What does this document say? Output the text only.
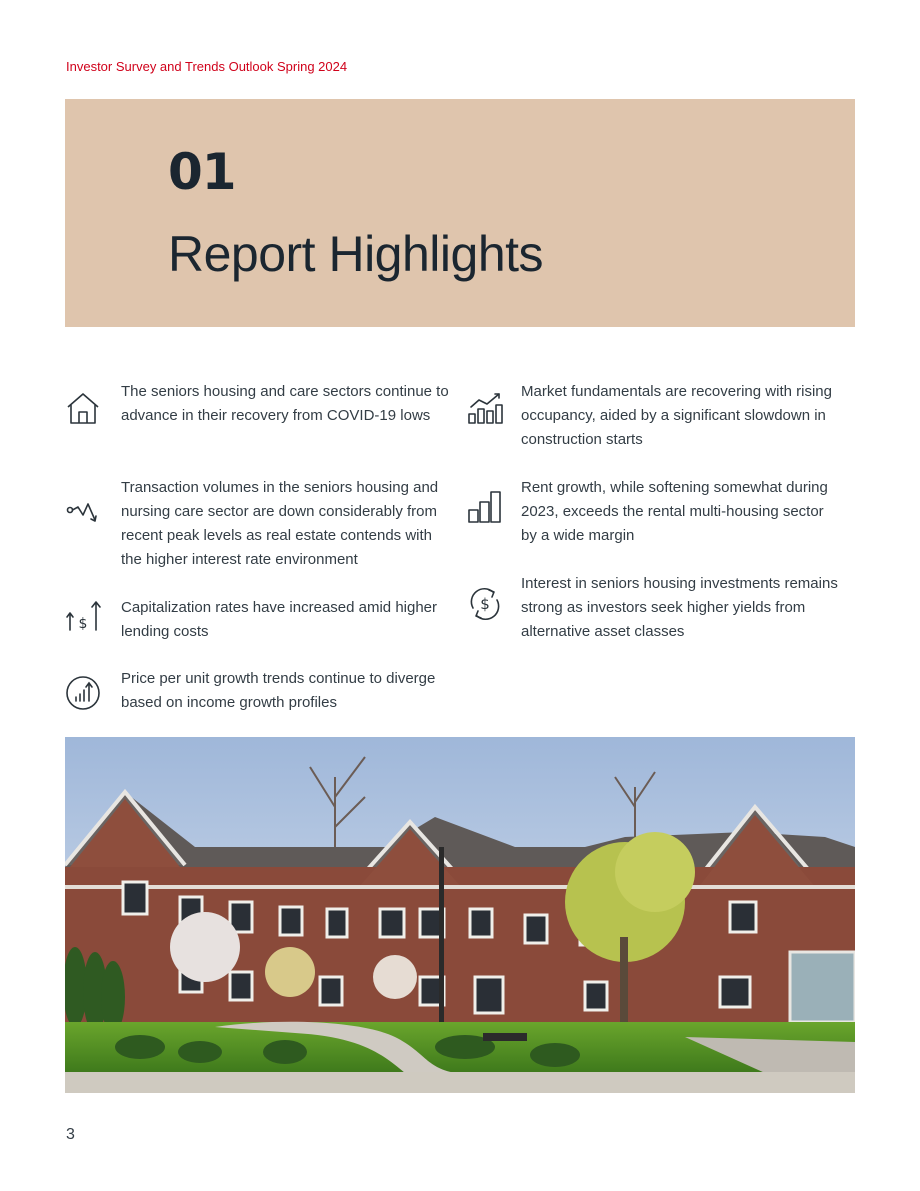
Investor Survey and Trends Outlook Spring 2024
01
Report Highlights
The seniors housing and care sectors continue to advance in their recovery from COVID-19 lows
Transaction volumes in the seniors housing and nursing care sector are down considerably from recent peak levels as real estate contends with the higher interest rate environment
$
Capitalization rates have increased amid higher lending costs
Price per unit growth trends continue to diverge based on income growth profiles
Market fundamentals are recovering with rising occupancy, aided by a significant slowdown in construction starts
Rent growth, while softening somewhat during 2023, exceeds the rental multi-housing sector by a wide margin
$
Interest in seniors housing investments remains strong as investors seek higher yields from alternative asset classes
3
